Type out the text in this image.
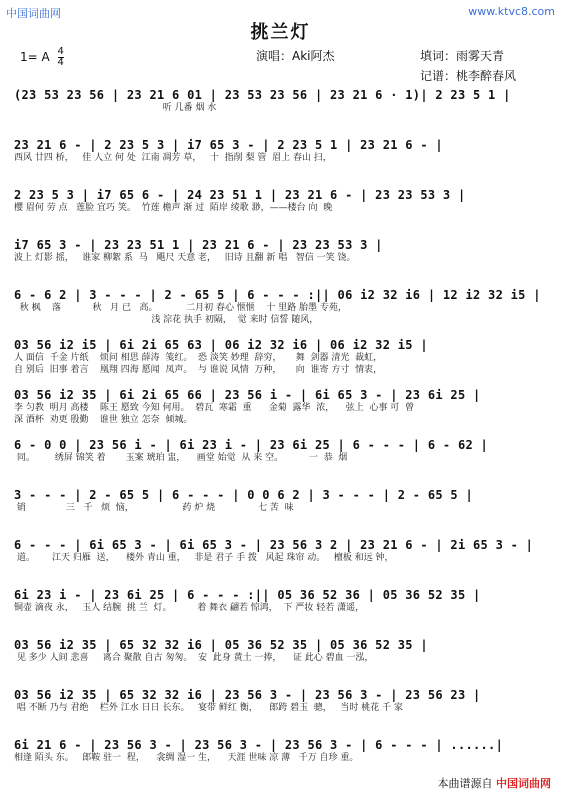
中国词曲网	www.ktvc8.com
挑兰灯
1= A $\frac{4}{4}$	演唱：Aki阿杰	填词：雨雾天青
记谱：桃李醉春风
(23 53 23 56 | 23 21 6 01 | 23 53 23 56 | 23 21 6 · 1)| 2 23 5 1 |
听 几番 烟 水
23 21 6 - | 2 23 5 3 | i7 65 3 - | 2 23 5 1 | 23 21 6 - |
西风 廿四 桥，   佳 人立 何 处  江南 凋芳 草，   十  指削 梨 管  眉上 春山 扫，
2 23 5 3 | i7 65 6 - | 24 23 51 1 | 23 21 6 - | 23 23 53 3 |
樱 眉何 劳 点   莲脸 宜巧 笑。  竹莲 檐声 渐 过  陌岸 绫歌 渺，——楼台 向  晚
i7 65 3 - | 23 23 51 1 | 23 21 6 - | 23 23 53 3 |
波上 灯影 摇，   谁家 柳絮 系  马   飓尺 天意 老，   旧诗 且翻 新 唱   智信 一笑 饶。
6 - 6 2 | 3 - - - | 2 - 65 5 | 6 - - - :|| 06 i2 32 i6 | 12 i2 32 i5 |
秋 枫    落           秋   月 已   高。          二月初 春心 惬惬    十 里路 胎墨 专苑，
浅 淙花 执手 初隔，  觉 来时 信誓 随风，
03 56 i2 i5 | 6i 2i 65 63 | 06 i2 32 i6 | 06 i2 32 i5 |
人 面信  千金 片纸    烦问 相思 薛涛  笺红。  恐 淡笑 妙理  辞穷，     舞  剑器 清光  裁虹，
自 别后  旧事 着言    凰翔 四海 愿闻  凤声。  与 谁说 风情  万种，     向  谁寄 方寸  情衷，
03 56 i2 35 | 6i 2i 65 66 | 23 56 i - | 6i 65 3 - | 23 6i 25 |
李 匀教  明月 高楼    陈王 愿致 今知 何用。  碧瓦  寒霜  重      金菊  露华  浓，    弦上  心事 可  曾
深 酒杯  劝更 殷勤    谁世 独立 怎奈  倾城。
6 - 0 0 | 23 56 i - | 6i 23 i - | 23 6i 25 | 6 - - - | 6 - 62 |
同。       绣屏 锦笑 着       玉案 琥珀 盅，    画堂 始觉  从 来 空。         一  恭  烟
3 - - - | 2 - 65 5 | 6 - - - | 0 0 6 2 | 3 - - - | 2 - 65 5 |
销              三   千   烦  恼，                 药 炉 烧               七 苦  味
6 - - - | 6i 65 3 - | 6i 65 3 - | 23 56 3 2 | 23 21 6 - | 2i 65 3 - |
道。      江天 归雁  送，    楼外 青山 重，   非是 君子 手 拨   风起 珠帘 动。   檀板 和远 钟，
6i 23 i - | 23 6i 25 | 6 - - - :|| 05 36 52 36 | 05 36 52 35 |
铜壶 滴夜 永，   玉人 结腕  挑 兰  灯。         着 舞衣 翩若 惊鸿，  下 严妆 轻若 潇遥，
03 56 i2 35 | 65 32 32 i6 | 05 36 52 35 | 05 36 52 35 |
见 多少 人间 悲喜     离合 聚散 自古 匆匆。  安  此身 黄土 一捧，    证 此心 碧血 一泓，
03 56 i2 35 | 65 32 32 i6 | 23 56 3 - | 23 56 3 - | 23 56 23 |
唱 不断 乃与 君绝    栏外 江水 日日 长东。   宴带 鲜红 衡，    郎跨 碧玉  骢，   当时 桃花 千 家
6i 21 6 - | 23 56 3 - | 23 56 3 - | 23 56 3 - | 6 - - - | ......|
相逢 陌头 东。   郎鞍 驻一  程，    衾绸 湿一 生，    天涯 世味 凉 薄   千万 自珍 重。
本曲谱源自 中国词曲网
